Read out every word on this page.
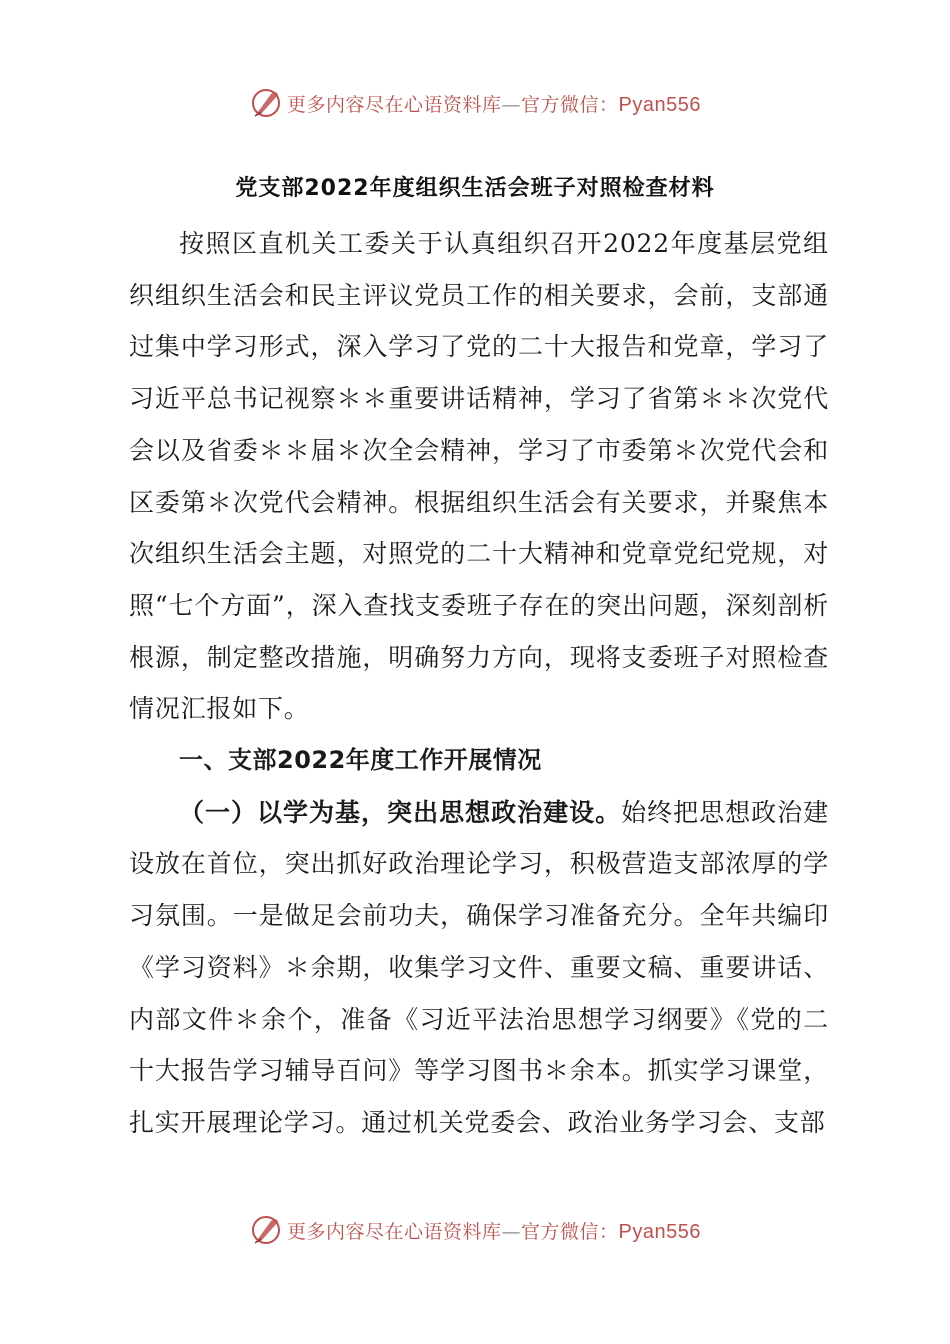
更多内容尽在心语资料库—官方微信：Pyan556
党支部2022年度组织生活会班子对照检查材料

按照区直机关工委关于认真组织召开2022年度基层党组织组织生活会和民主评议党员工作的相关要求，会前，支部通过集中学习形式，深入学习了党的二十大报告和党章，学习了习近平总书记视察＊＊重要讲话精神，学习了省第＊＊次党代会以及省委＊＊届＊次全会精神，学习了市委第＊次党代会和区委第＊次党代会精神。根据组织生活会有关要求，并聚焦本次组织生活会主题，对照党的二十大精神和党章党纪党规，对照“七个方面”，深入查找支委班子存在的突出问题，深刻剖析根源，制定整改措施，明确努力方向，现将支委班子对照检查情况汇报如下。

一、支部2022年度工作开展情况

（一）以学为基，突出思想政治建设。始终把思想政治建设放在首位，突出抓好政治理论学习，积极营造支部浓厚的学习氛围。一是做足会前功夫，确保学习准备充分。全年共编印《学习资料》＊余期，收集学习文件、重要文稿、重要讲话、内部文件＊余个，准备《习近平法治思想学习纲要》《党的二十大报告学习辅导百问》等学习图书＊余本。抓实学习课堂，扎实开展理论学习。通过机关党委会、政治业务学习会、支部

更多内容尽在心语资料库—官方微信：Pyan556
